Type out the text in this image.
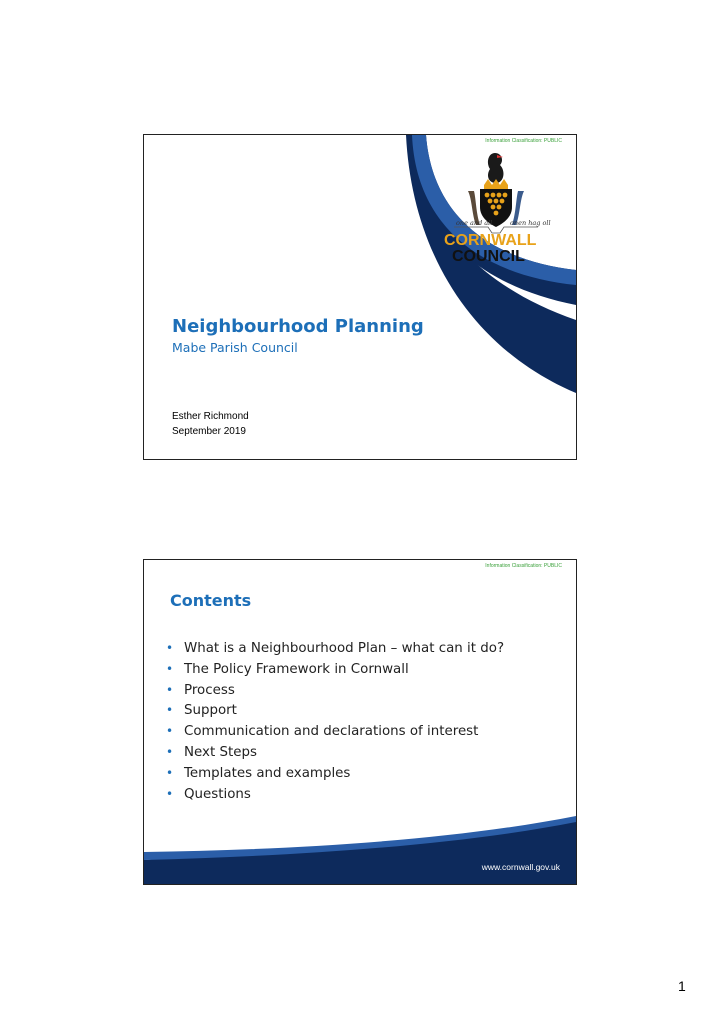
Information Classification: PUBLIC
one and all	onen hag oll
CORNWALL
COUNCIL
Neighbourhood Planning
Mabe Parish Council
Esther Richmond
September 2019
Information Classification: PUBLIC
Contents
• What is a Neighbourhood Plan – what can it do?
• The Policy Framework in Cornwall
• Process
• Support
• Communication and declarations of interest
• Next Steps
• Templates and examples
• Questions
www.cornwall.gov.uk
1
